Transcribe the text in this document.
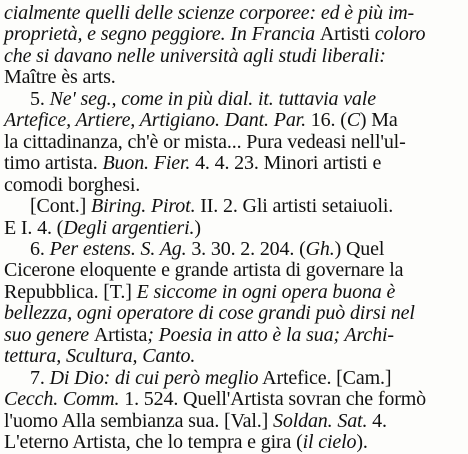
cialmente quelli delle scienze corporee: ed è più im-
proprietà, e segno peggiore. In Francia Artisti coloro
che si davano nelle università agli studi liberali:
Maître ès arts.
5. Ne' seg., come in più dial. it. tuttavia vale
Artefice, Artiere, Artigiano. Dant. Par. 16. (C) Ma
la cittadinanza, ch'è or mista... Pura vedeasi nell'ul-
timo artista. Buon. Fier. 4. 4. 23. Minori artisti e
comodi borghesi.
[Cont.] Biring. Pirot. II. 2. Gli artisti setaiuoli.
E I. 4. (Degli argentieri.)
6. Per estens. S. Ag. 3. 30. 2. 204. (Gh.) Quel
Cicerone eloquente e grande artista di governare la
Repubblica. [T.] E siccome in ogni opera buona è
bellezza, ogni operatore di cose grandi può dirsi nel
suo genere Artista; Poesia in atto è la sua; Archi-
tettura, Scultura, Canto.
7. Di Dio: di cui però meglio Artefice. [Cam.]
Cecch. Comm. 1. 524. Quell'Artista sovran che formò
l'uomo Alla sembianza sua. [Val.] Soldan. Sat. 4.
L'eterno Artista, che lo tempra e gira (il cielo).
